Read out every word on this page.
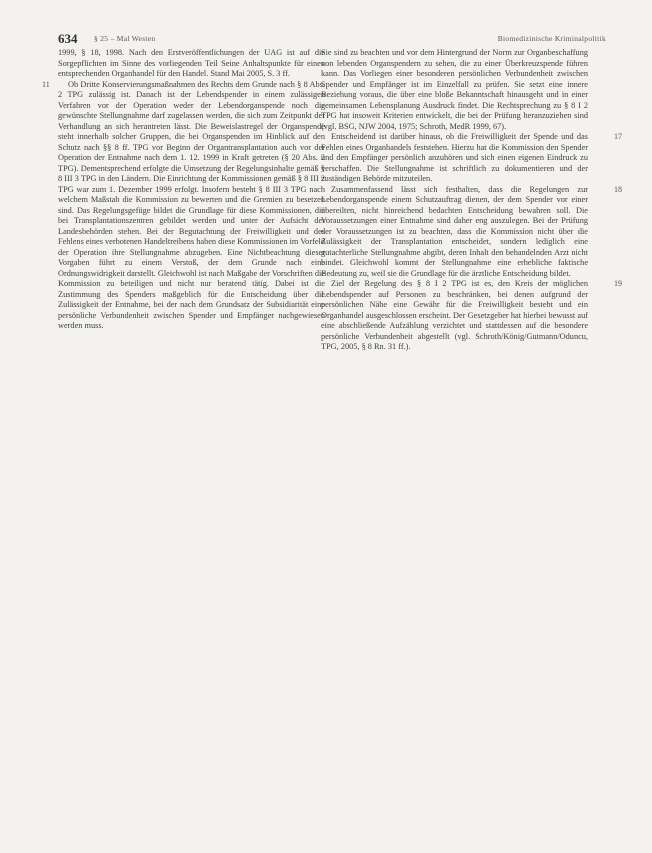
634 § 25 – Mal Westen	Biomedizinische Kriminalpolitik
1999, § 18, 1998. Nach den Erstveröffentlichungen der UAG ist auf die Sorgepflichten im Sinne des vorliegenden Teil Seine Anhaltspunkte für einen entsprechenden Organhandel für den Handel. Stand Mai 2005, S. 3 ff.
11 Ob Dritte Konservierungsmaßnahmen des Rechts dem Grunde nach § 8 Abs. 2 TPG zulässig ist. Danach ist der Lebendspender in einem zulässigen Verfahren vor der Operation weder der Lebendorganspende noch die gewünschte Stellungnahme darf zugelassen werden, die sich zum Zeitpunkt der Verhandlung an sich herantreten lässt. Die Beweislastregel der Organspende steht innerhalb solcher Gruppen, die bei Organspenden im Hinblick auf den Schutz nach §§ 8 ff. TPG vor Beginn der Organtransplantation auch vor der Operation der Entnahme nach dem 1. 12. 1999 in Kraft getreten (§ 20 Abs. 2 TPG). Dementsprechend erfolgte die Umsetzung der Regelungsinhalte gemäß § 8 III 3 TPG in den Ländern. Die Einrichtung der Kommissionen gemäß § 8 III 2 TPG war zum 1. Dezember 1999 erfolgt. Insofern besteht § 8 III 3 TPG nach welchem Maßstab die Kommission zu bewerten und die Gremien zu besetzen sind. Das Regelungsgefüge bildet die Grundlage für diese Kommissionen, die bei Transplantationszentren gebildet werden und unter der Aufsicht der Landesbehörden stehen. Bei der Begutachtung der Freiwilligkeit und des Fehlens eines verbotenen Handeltreibens haben diese Kommissionen im Vorfeld der Operation ihre Stellungnahme abzugeben. Eine Nichtbeachtung dieser Vorgaben führt zu einem Verstoß, der dem Grunde nach eine Ordnungswidrigkeit darstellt. Gleichwohl ist nach Maßgabe der Vorschriften die Kommission zu beteiligen und nicht nur beratend tätig. Dabei ist die Zustimmung des Spenders maßgeblich für die Entscheidung über die Zulässigkeit der Entnahme, bei der nach dem Grundsatz der Subsidiarität eine persönliche Verbundenheit zwischen Spender und Empfänger nachgewiesen werden muss.
Sie sind zu beachten und vor dem Hintergrund der Norm zur Organbeschaffung von lebenden Organspendern zu sehen, die zu einer Überkreuzspende führen kann. Das Vorliegen einer besonderen persönlichen Verbundenheit zwischen Spender und Empfänger ist im Einzelfall zu prüfen. Sie setzt eine innere Beziehung voraus, die über eine bloße Bekanntschaft hinausgeht und in einer gemeinsamen Lebensplanung Ausdruck findet. Die Rechtsprechung zu § 8 I 2 TPG hat insoweit Kriterien entwickelt, die bei der Prüfung heranzuziehen sind (vgl. BSG, NJW 2004, 1975; Schroth, MedR 1999, 67).
17
Entscheidend ist darüber hinaus, ob die Freiwilligkeit der Spende und das Fehlen eines Organhandels feststehen. Hierzu hat die Kommission den Spender und den Empfänger persönlich anzuhören und sich einen eigenen Eindruck zu verschaffen. Die Stellungnahme ist schriftlich zu dokumentieren und der zuständigen Behörde mitzuteilen.
18
Zusammenfassend lässt sich festhalten, dass die Regelungen zur Lebendorganspende einem Schutzauftrag dienen, der dem Spender vor einer übereilten, nicht hinreichend bedachten Entscheidung bewahren soll. Die Voraussetzungen einer Entnahme sind daher eng auszulegen. Bei der Prüfung der Voraussetzungen ist zu beachten, dass die Kommission nicht über die Zulässigkeit der Transplantation entscheidet, sondern lediglich eine gutachterliche Stellungnahme abgibt, deren Inhalt den behandelnden Arzt nicht bindet. Gleichwohl kommt der Stellungnahme eine erhebliche faktische Bedeutung zu, weil sie die Grundlage für die ärztliche Entscheidung bildet.
19
Ziel der Regelung des § 8 I 2 TPG ist es, den Kreis der möglichen Lebendspender auf Personen zu beschränken, bei denen aufgrund der persönlichen Nähe eine Gewähr für die Freiwilligkeit besteht und ein Organhandel ausgeschlossen erscheint. Der Gesetzgeber hat hierbei bewusst auf eine abschließende Aufzählung verzichtet und stattdessen auf die besondere persönliche Verbundenheit abgestellt (vgl. Schroth/König/Gutmann/Oduncu, TPG, 2005, § 8 Rn. 31 ff.).
